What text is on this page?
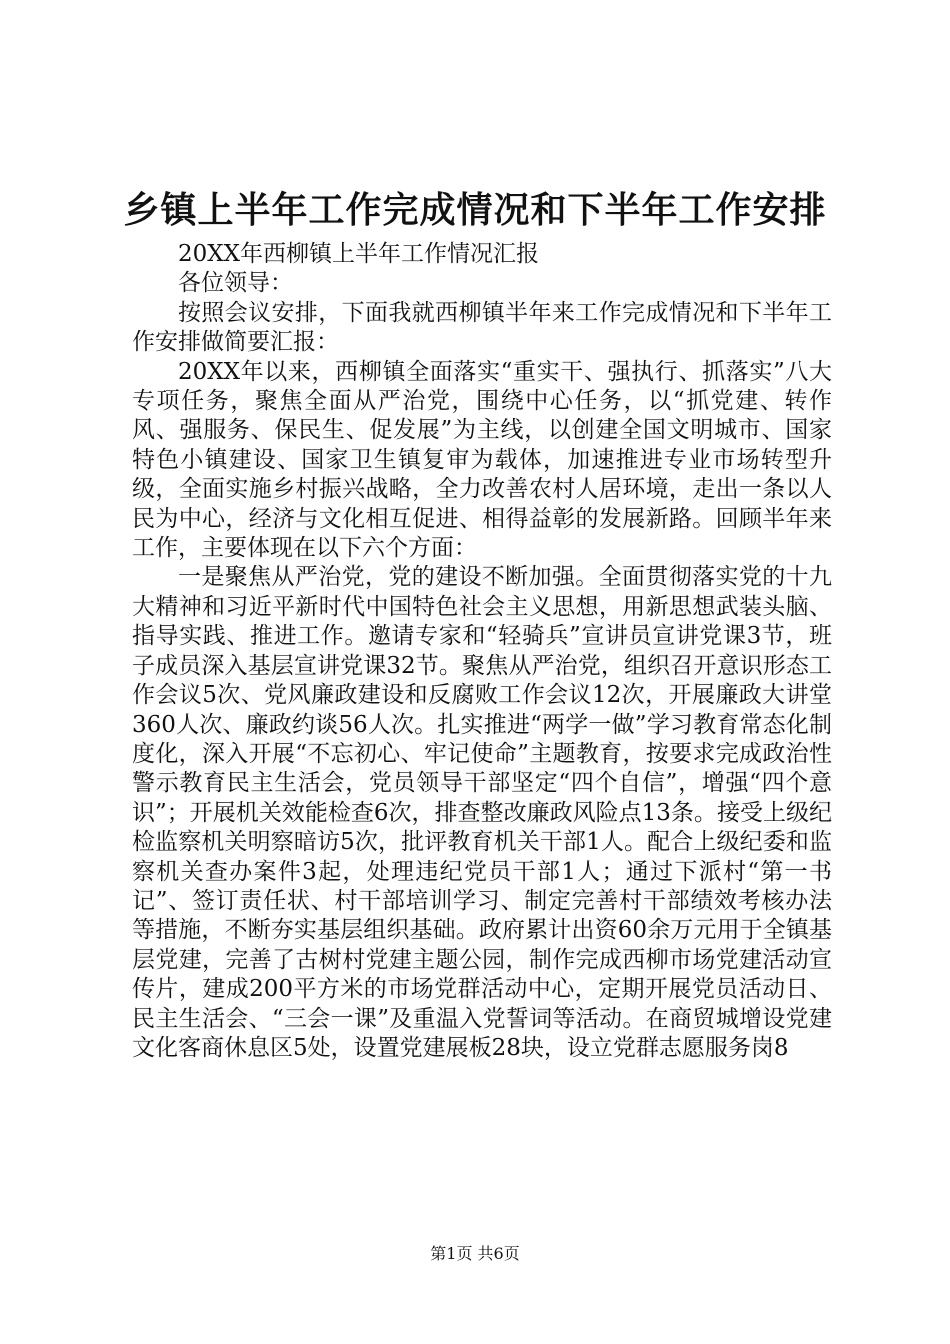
乡镇上半年工作完成情况和下半年工作安排

20XX年西柳镇上半年工作情况汇报

各位领导：

按照会议安排，下面我就西柳镇半年来工作完成情况和下半年工作安排做简要汇报：

20XX年以来，西柳镇全面落实“重实干、强执行、抓落实”八大专项任务，聚焦全面从严治党，围绕中心任务，以“抓党建、转作风、强服务、保民生、促发展”为主线，以创建全国文明城市、国家特色小镇建设、国家卫生镇复审为载体，加速推进专业市场转型升级，全面实施乡村振兴战略，全力改善农村人居环境，走出一条以人民为中心，经济与文化相互促进、相得益彰的发展新路。回顾半年来工作，主要体现在以下六个方面：

一是聚焦从严治党，党的建设不断加强。全面贯彻落实党的十九大精神和习近平新时代中国特色社会主义思想，用新思想武装头脑、指导实践、推进工作。邀请专家和“轻骑兵”宣讲员宣讲党课3节，班子成员深入基层宣讲党课32节。聚焦从严治党，组织召开意识形态工作会议5次、党风廉政建设和反腐败工作会议12次，开展廉政大讲堂360人次、廉政约谈56人次。扎实推进“两学一做”学习教育常态化制度化，深入开展“不忘初心、牢记使命”主题教育，按要求完成政治性警示教育民主生活会，党员领导干部坚定“四个自信”，增强“四个意识”；开展机关效能检查6次，排查整改廉政风险点13条。接受上级纪检监察机关明察暗访5次，批评教育机关干部1人。配合上级纪委和监察机关查办案件3起，处理违纪党员干部1人；通过下派村“第一书记”、签订责任状、村干部培训学习、制定完善村干部绩效考核办法等措施，不断夯实基层组织基础。政府累计出资60余万元用于全镇基层党建，完善了古树村党建主题公园，制作完成西柳市场党建活动宣传片，建成200平方米的市场党群活动中心，定期开展党员活动日、民主生活会、“三会一课”及重温入党誓词等活动。在商贸城增设党建文化客商休息区5处，设置党建展板28块，设立党群志愿服务岗8

第1页 共6页
